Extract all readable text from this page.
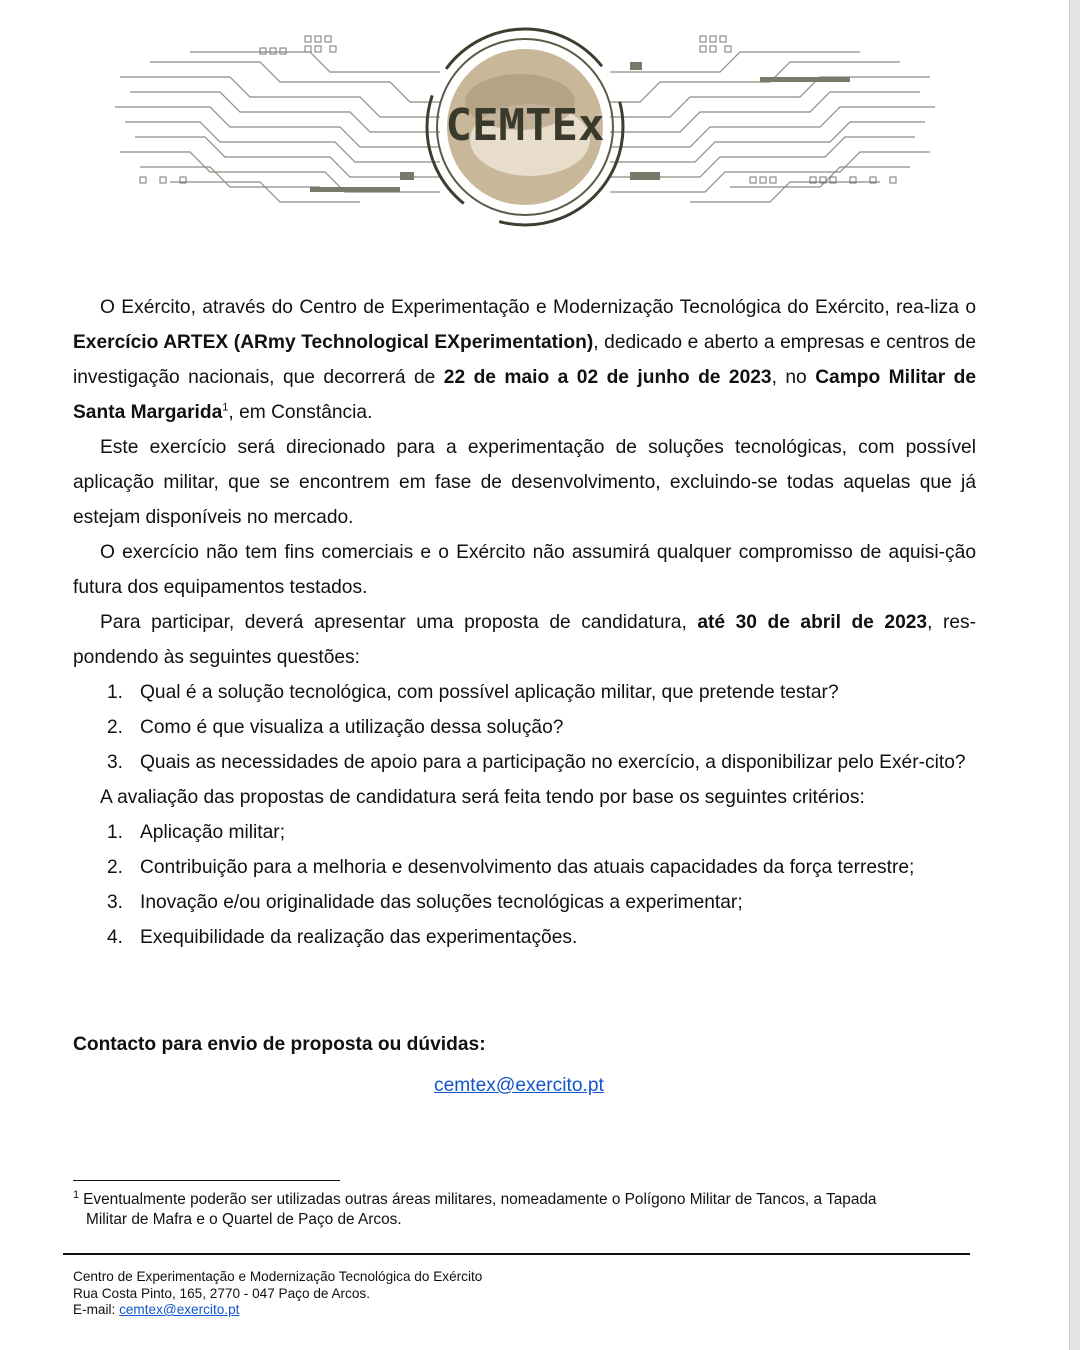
CEMTEx

O Exército, através do Centro de Experimentação e Modernização Tecnológica do Exército, rea-liza o Exercício ARTEX (ARmy Technological EXperimentation), dedicado e aberto a empresas e centros de investigação nacionais, que decorrerá de 22 de maio a 02 de junho de 2023, no Campo Militar de Santa Margarida$^1$, em Constância.

Este exercício será direcionado para a experimentação de soluções tecnológicas, com possível aplicação militar, que se encontrem em fase de desenvolvimento, excluindo-se todas aquelas que já estejam disponíveis no mercado.

O exercício não tem fins comerciais e o Exército não assumirá qualquer compromisso de aquisi-ção futura dos equipamentos testados.

Para participar, deverá apresentar uma proposta de candidatura, até 30 de abril de 2023, res-pondendo às seguintes questões:

1. Qual é a solução tecnológica, com possível aplicação militar, que pretende testar?
2. Como é que visualiza a utilização dessa solução?
3. Quais as necessidades de apoio para a participação no exercício, a disponibilizar pelo Exér-cito?

A avaliação das propostas de candidatura será feita tendo por base os seguintes critérios:

1. Aplicação militar;
2. Contribuição para a melhoria e desenvolvimento das atuais capacidades da força terrestre;
3. Inovação e/ou originalidade das soluções tecnológicas a experimentar;
4. Exequibilidade da realização das experimentações.
Contacto para envio de proposta ou dúvidas:
cemtex@exercito.pt
$^1$ Eventualmente poderão ser utilizadas outras áreas militares, nomeadamente o Polígono Militar de Tancos, a Tapada
Militar de Mafra e o Quartel de Paço de Arcos.
Centro de Experimentação e Modernização Tecnológica do Exército
Rua Costa Pinto, 165, 2770 - 047 Paço de Arcos.
E-mail: cemtex@exercito.pt
